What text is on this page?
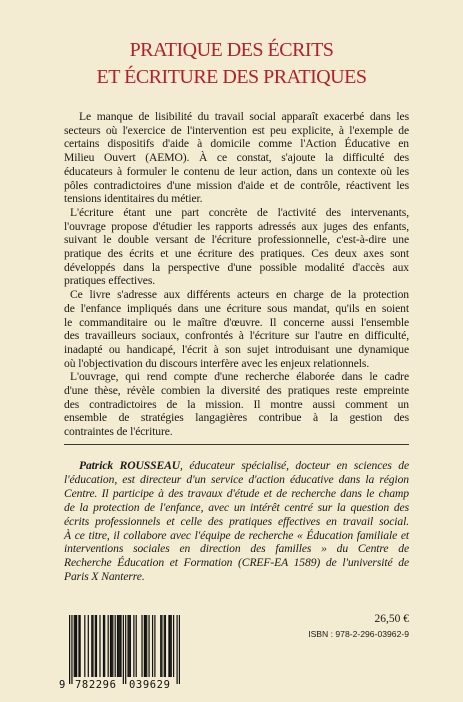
PRATIQUE DES ÉCRITS
ET ÉCRITURE DES PRATIQUES
Le manque de lisibilité du travail social apparaît exacerbé dans les
secteurs où l'exercice de l'intervention est peu explicite, à l'exemple de
certains dispositifs d'aide à domicile comme l'Action Éducative en
Milieu Ouvert (AEMO). À ce constat, s'ajoute la difficulté des
éducateurs à formuler le contenu de leur action, dans un contexte où les
pôles contradictoires d'une mission d'aide et de contrôle, réactivent les
tensions identitaires du métier.
L'écriture étant une part concrète de l'activité des intervenants,
l'ouvrage propose d'étudier les rapports adressés aux juges des enfants,
suivant le double versant de l'écriture professionnelle, c'est-à-dire une
pratique des écrits et une écriture des pratiques. Ces deux axes sont
développés dans la perspective d'une possible modalité d'accès aux
pratiques effectives.
Ce livre s'adresse aux différents acteurs en charge de la protection
de l'enfance impliqués dans une écriture sous mandat, qu'ils en soient
le commanditaire ou le maître d'œuvre. Il concerne aussi l'ensemble
des travailleurs sociaux, confrontés à l'écriture sur l'autre en difficulté,
inadapté ou handicapé, l'écrit à son sujet introduisant une dynamique
où l'objectivation du discours interfère avec les enjeux relationnels.
L'ouvrage, qui rend compte d'une recherche élaborée dans le cadre
d'une thèse, révèle combien la diversité des pratiques reste empreinte
des contradictoires de la mission. Il montre aussi comment un
ensemble de stratégies langagières contribue à la gestion des
contraintes de l'écriture.
Patrick ROUSSEAU, éducateur spécialisé, docteur en sciences de
l'éducation, est directeur d'un service d'action éducative dans la région
Centre. Il participe à des travaux d'étude et de recherche dans le champ
de la protection de l'enfance, avec un intérêt centré sur la question des
écrits professionnels et celle des pratiques effectives en travail social.
À ce titre, il collabore avec l'équipe de recherche « Éducation familiale et
interventions sociales en direction des familles » du Centre de
Recherche Éducation et Formation (CREF-EA 1589) de l'université de
Paris X Nanterre.
9 782296 039629
26,50 €
ISBN : 978-2-296-03962-9
